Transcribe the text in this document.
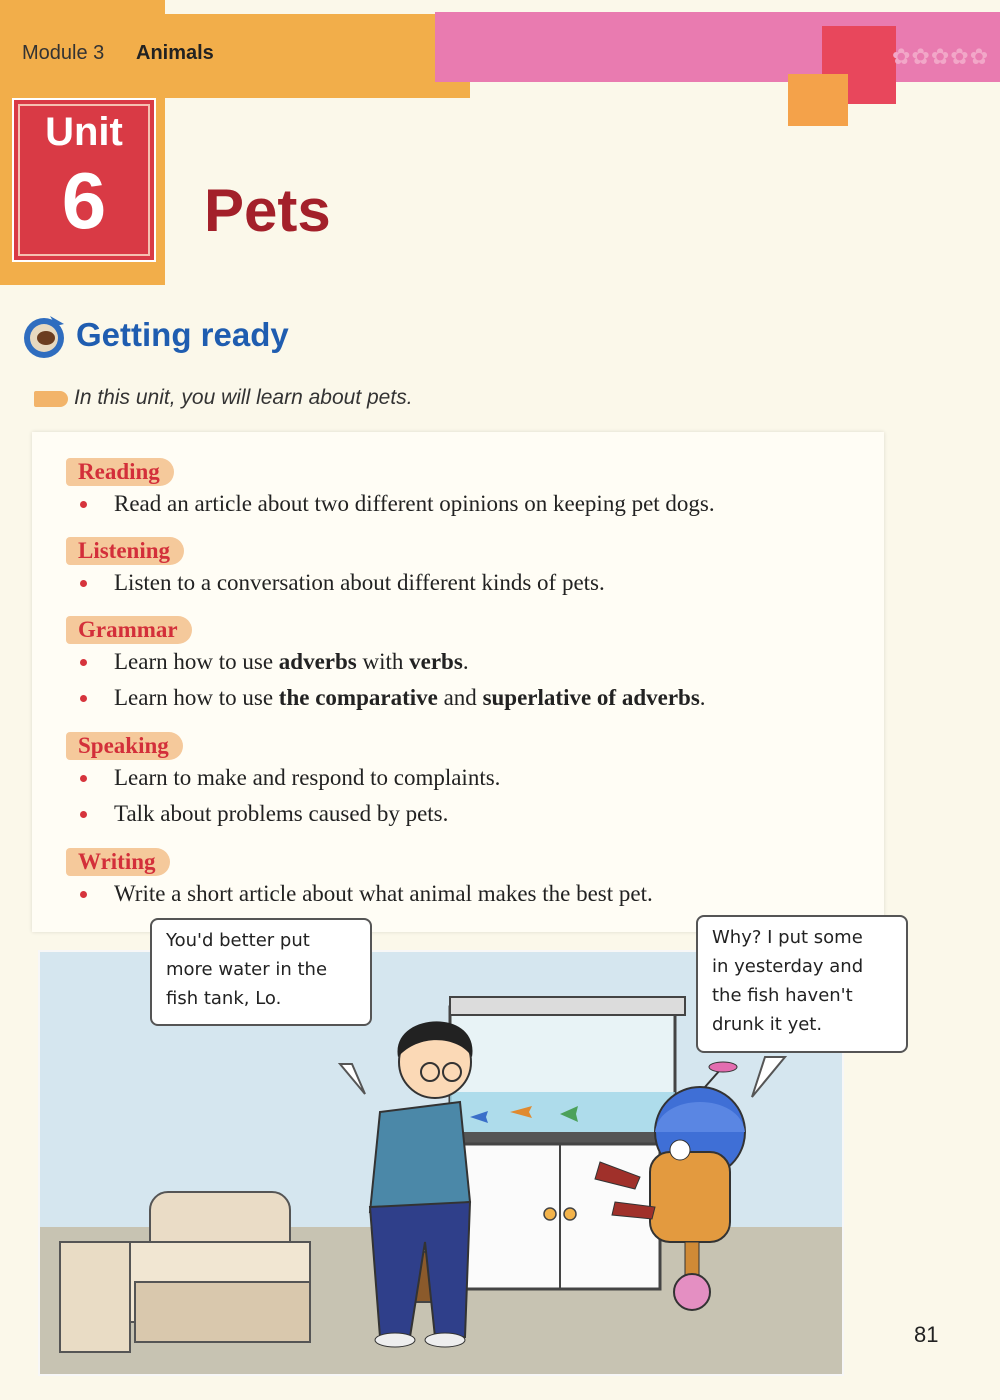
✿✿✿✿✿
Module 3 Animals
Unit
6	Pets
Getting ready
In this unit, you will learn about pets.
Reading
Read an article about two different opinions on keeping pet dogs.
Listening
Listen to a conversation about different kinds of pets.
Grammar
Learn how to use adverbs with verbs.
Learn how to use the comparative and superlative of adverbs.
Speaking
Learn to make and respond to complaints.
Talk about problems caused by pets.
Writing
Write a short article about what animal makes the best pet.
You'd better put
more water in the
fish tank, Lo.
Why? I put some
in yesterday and
the fish haven't
drunk it yet.
81
